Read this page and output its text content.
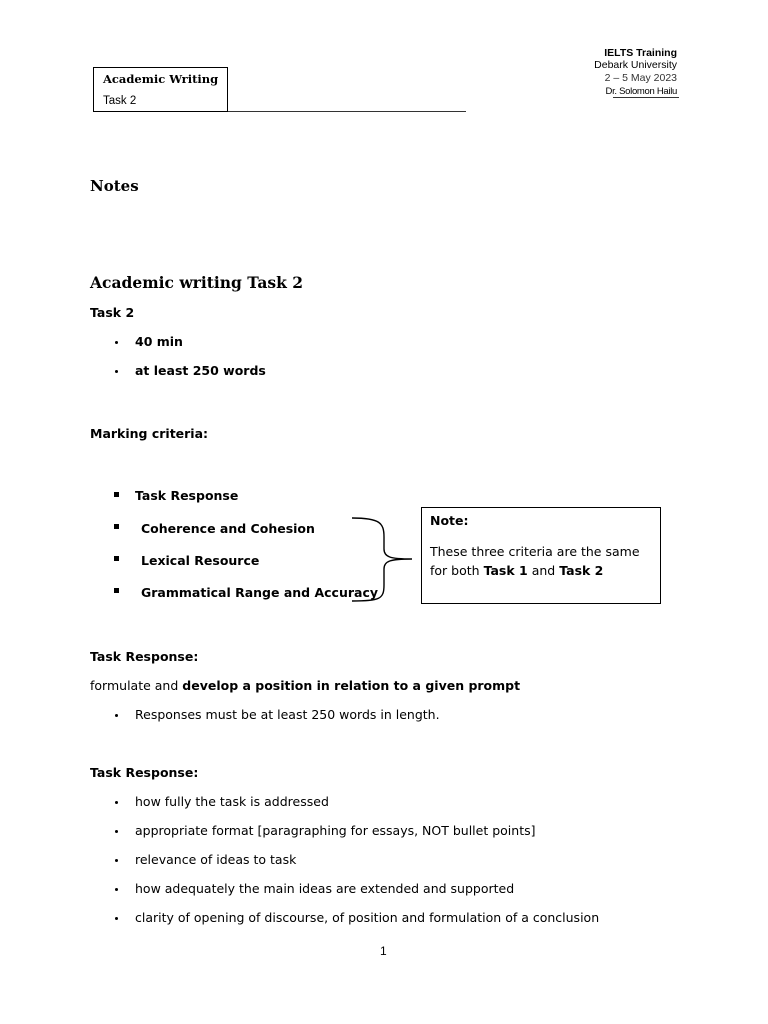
Academic Writing
Task 2
IELTS Training
Debark University
2 – 5 May 2023
Dr. Solomon Hailu
Notes
Academic writing Task 2
Task 2
40 min
at least 250 words
Marking criteria:
Task Response
Coherence and Cohesion
Lexical Resource
Grammatical Range and Accuracy
Note:
These three criteria are the same for both Task 1 and Task 2
Task Response:
formulate and develop a position in relation to a given prompt
Responses must be at least 250 words in length.
Task Response:
how fully the task is addressed
appropriate format [paragraphing for essays, NOT bullet points]
relevance of ideas to task
how adequately the main ideas are extended and supported
clarity of opening of discourse, of position and formulation of a conclusion
1
